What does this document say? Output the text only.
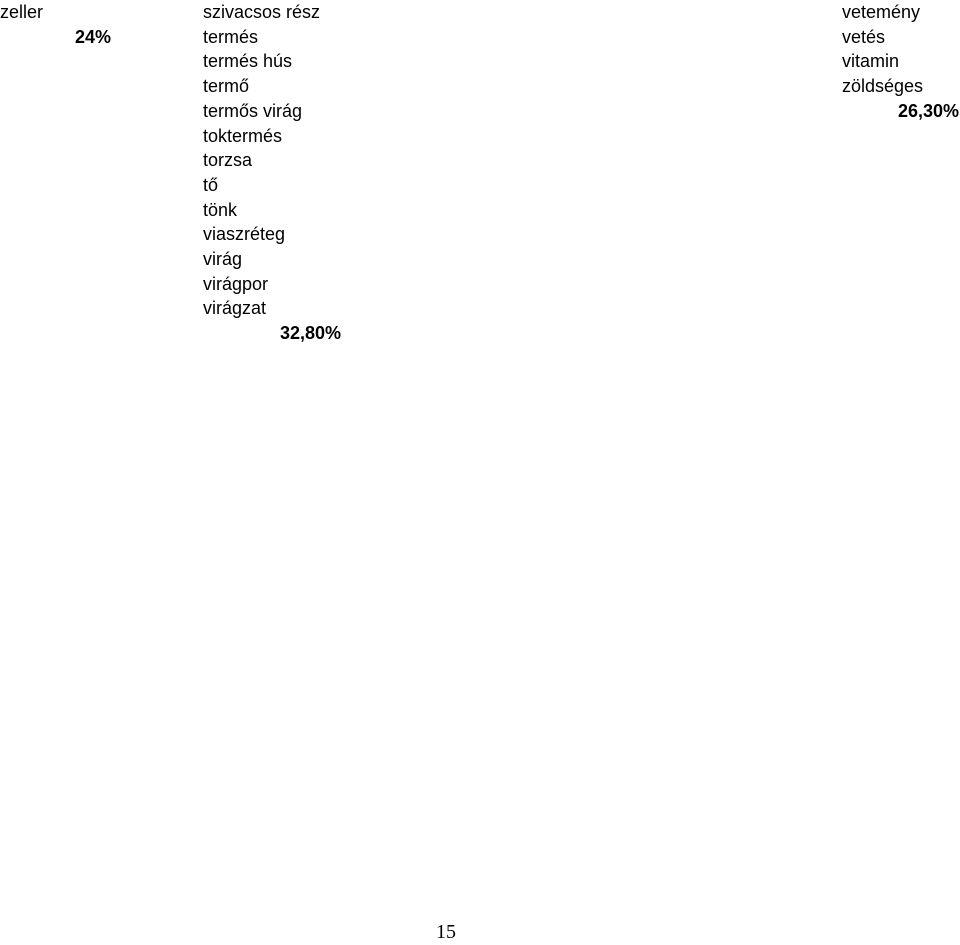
zeller
24%
szivacsos rész
termés
termés hús
termő
termős virág
toktermés
torzsa
tő
tönk
viaszréteg
virág
virágpor
virágzat
32,80%
vetemény
vetés
vitamin
zöldséges
26,30%
15
